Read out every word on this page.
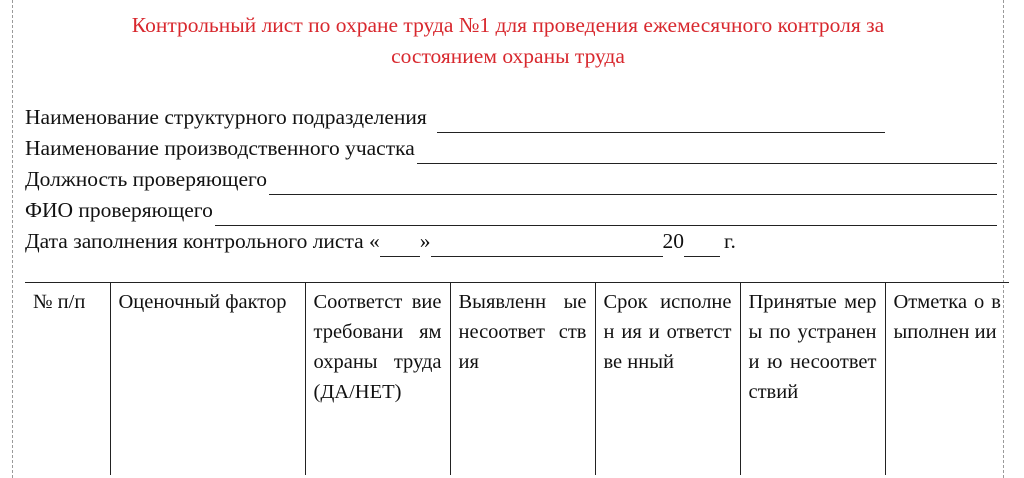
Контрольный лист по охране труда №1 для проведения ежемесячного контроля за
состоянием охраны труда
Наименование структурного подразделения
Наименование производственного участка
Должность проверяющего
ФИО проверяющего
Дата заполнения контрольного листа « »	20 г.
№ п/п	Оценочный фактор	Соответст вие требовани ям охраны труда (ДА/НЕТ)	Выявленн ые несоответ ствия	Срок исполнен ия и ответстве нный	Принятые меры по устранени ю несоответ ствий	Отметка о выполнен ии
